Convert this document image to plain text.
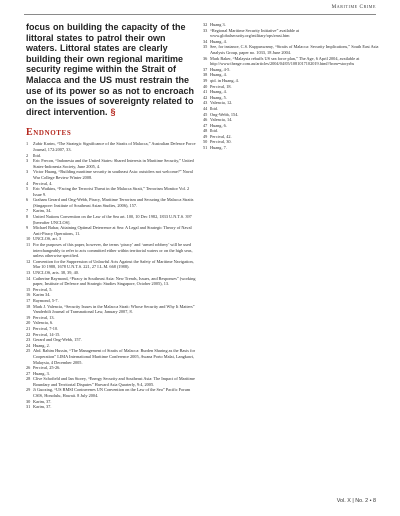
Maritime Crime

focus on building the capacity of the littoral states to patrol their own waters. Littoral states are clearly building their own regional maritime security regime within the Strait of Malacca and the US must restrain the use of its power so as not to encroach on the issues of sovereignty related to direct intervention. §

Endnotes
1 Zubir Karim, “The Strategic Significance of the Straits of Malacca,” Australian Defence Force Journal, 172:2007, 33.
2 Ibid.
3 Eric Frecon, “Indonesia and the United States: Shared Interests in Maritime Security,” United States-Indonesia Society, June 2005, 4.
3 Victor Huang, “Building maritime security in southeast Asia: outsiders not welcome?” Naval War College Review Winter 2008.
4 Percival, 4.
5 Eric Watkins, “Facing the Terrorist Threat in the Malacca Strait,” Terrorism Monitor Vol. 2 Issue 9.
6 Graham Gerard and Ong-Webb, Piracy, Maritime Terrorism and Securing the Malacca Straits (Singapore: Institute of Southeast Asian Studies, 2006), 157.
7 Karim, 34.
8 United Nations Convention on the Law of the Sea art. 100, 10 Dec 1982, 1833 U.N.T.S. 397 [hereafter UNCLOS].
9 Michael Bahar, Attaining Optimal Deterrence at Sea: A Legal and Strategic Theory of Naval Anti-Piracy Operations, 11.
10 UNCLOS, art. 3
11 For the purposes of this paper, however, the terms ‘piracy’ and ‘armed robbery’ will be used interchangeably to refer to acts committed either within territorial waters or on the high seas, unless otherwise specified.
12 Convention for the Suppression of Unlawful Acts Against the Safety of Maritime Navigation, Mar 10 1988, 1678 U.N.T.S. 221, 27 I.L.M. 668 (1988).
13 UNCLOS, arts. 38, 39, 40.
14 Catherine Raymond, “Piracy in Southeast Asia: New Trends, Issues, and Responses” (working paper, Institute of Defence and Strategic Studies Singapore, October 2005), 13.
15 Percival, 5.
16 Karim 34.
17 Raymond, 5-7.
18 Mark J. Valencia, “Security Issues in the Malacca Strait: Whose Security and Why It Matters” Vanderbilt Journal of Transnational Law, January 2007, 8.
19 Percival, 13.
20 Valencia, 6.
21 Percival, 7-10.
22 Percival, 14-15.
23 Gerard and Ong-Webb, 157.
24 Huang, 2.
25 Abd. Rahim Hussin, “The Management of Straits of Malacca: Burden Sharing as the Basis for Cooperation” LIMA International Maritime Conference 2005, Awana Porto Malai, Langkawi, Malaysia, 4 December 2005.
26 Percival, 25-26.
27 Huang, 3.
28 Clive Schofield and Ian Storey, “Energy Security and Southeast Asia: The Impact of Maritime Boundary and Territorial Disputes” Harvard Asia Quarterly, 9:4, 2005.
29 Ji Guoxing, “US RMSI Contravenes UN Convention on the Law of the Sea” Pacific Forum CSIS, Honolulu, Hawaii. 8 July 2004.
30 Karim, 37.
31 Karim, 37.
32 Huang 3.
33 “Regional Maritime Security Initiative” available at www.globalsecurity.org/military/ops/rmsi.htm
34 Huang, 4.
35 See, for instance, C.S. Kuppuswamy, “Straits of Malacca: Security Implications,” South East Asia Analysis Group, paper no. 1033, 18 June 2004.
36 Mark Baker, “Malaysia rebuffs US sea force plan,” The Age, 6 April 2004, available at http://www.theage.com.au/articles/2004/04/05/1081017102019.html?from=storyrhs
37 Huang, 4-5.
38 Huang, 4.
39 qtd. in Huang, 4.
40 Percival, 18.
41 Huang, 4.
42 Huang, 5.
43 Valencia, 12.
44 Ibid.
45 Ong-Webb, 154.
46 Valencia, 14.
47 Huang, 6.
48 Ibid.
49 Percival, 42.
50 Percival, 30.
51 Huang, 7.
Vol. X | No. 2 • 8
